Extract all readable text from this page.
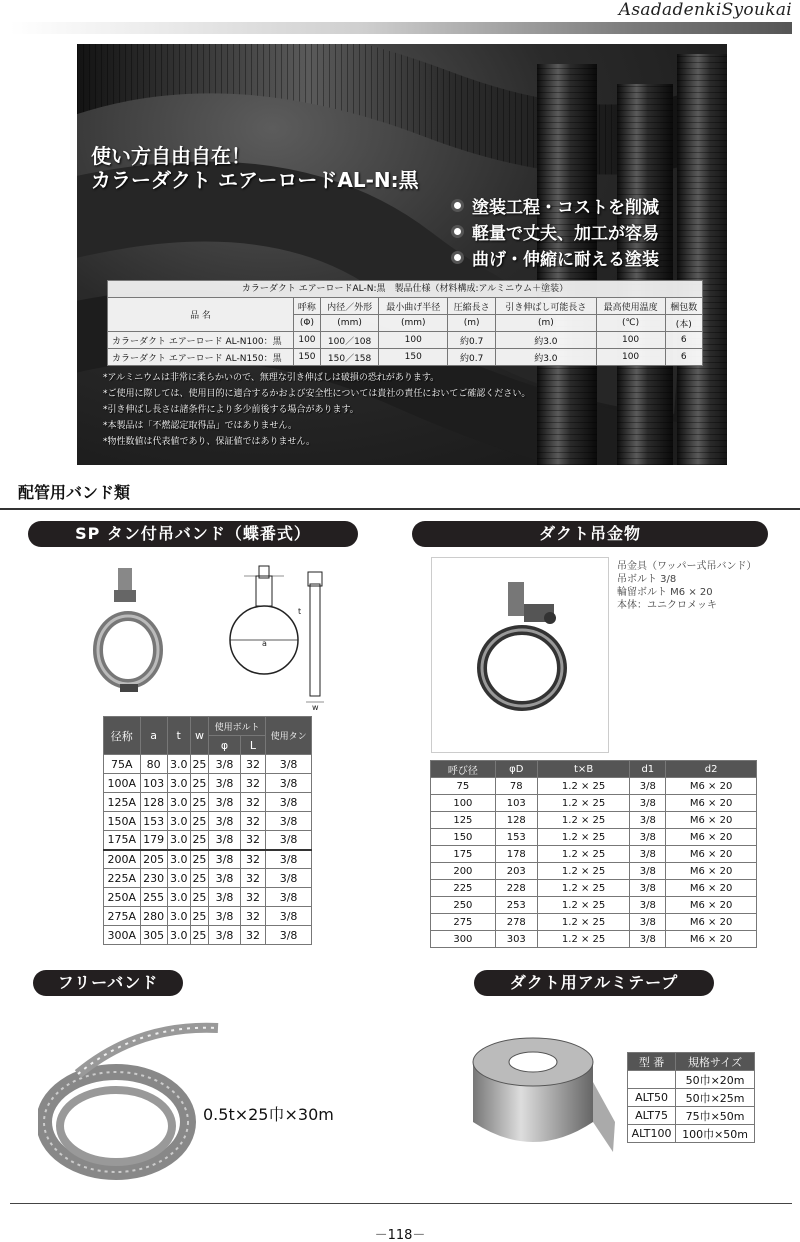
AsadadenkiSyoukai
使い方自由自在！
カラーダクト エアーロードAL-N:黒
塗装工程・コストを削減
軽量で丈夫、加工が容易
曲げ・伸縮に耐える塗装
カラーダクト エアーロードAL-N:黒　製品仕様（材料構成:アルミニウム＋塗装）
品 名	呼称	内径／外形	最小曲げ半径	圧縮長さ	引き伸ばし可能長さ	最高使用温度	梱包数
	(Φ)	(mm)	(mm)	(m)	(m)	(℃)	(本)
カラーダクト エアーロード AL-N100：黒	100	100／108	100	約0.7	約3.0	100	6
カラーダクト エアーロード AL-N150：黒	150	150／158	150	約0.7	約3.0	100	6
*アルミニウムは非常に柔らかいので、無理な引き伸ばしは破損の恐れがあります。
*ご使用に際しては、使用目的に適合するかおよび安全性については貴社の責任においてご確認ください。
*引き伸ばし長さは諸条件により多少前後する場合があります。
*本製品は「不燃認定取得品」ではありません。
*物性数値は代表値であり、保証値ではありません。
配管用バンド類
SP タン付吊バンド（蝶番式）
a
t
w
径称	a	t	w	使用ボルト		使用タン
				φ	L	
75A	80	3.0	25	3/8	32	3/8
100A	103	3.0	25	3/8	32	3/8
125A	128	3.0	25	3/8	32	3/8
150A	153	3.0	25	3/8	32	3/8
175A	179	3.0	25	3/8	32	3/8
200A	205	3.0	25	3/8	32	3/8
225A	230	3.0	25	3/8	32	3/8
250A	255	3.0	25	3/8	32	3/8
275A	280	3.0	25	3/8	32	3/8
300A	305	3.0	25	3/8	32	3/8
ダクト吊金物
吊金具（ワッパー式吊バンド）
吊ボルト 3/8
輪留ボルト M6 × 20
本体：ユニクロメッキ
呼び径	φD	t×B	d1	d2
75	78	1.2 × 25	3/8	M6 × 20
100	103	1.2 × 25	3/8	M6 × 20
125	128	1.2 × 25	3/8	M6 × 20
150	153	1.2 × 25	3/8	M6 × 20
175	178	1.2 × 25	3/8	M6 × 20
200	203	1.2 × 25	3/8	M6 × 20
225	228	1.2 × 25	3/8	M6 × 20
250	253	1.2 × 25	3/8	M6 × 20
275	278	1.2 × 25	3/8	M6 × 20
300	303	1.2 × 25	3/8	M6 × 20
フリーバンド
0.5t×25巾×30m
ダクト用アルミテープ
型 番	規格サイズ
	50巾×20m
ALT50	50巾×25m
ALT75	75巾×50m
ALT100	100巾×50m
－118－
